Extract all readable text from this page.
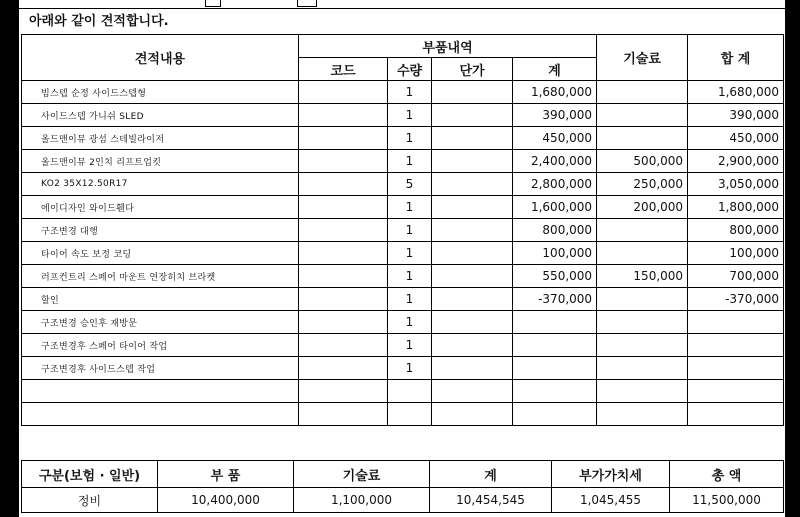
아래와 같이 견적합니다.
견적내용	부품내역				기술료	합 계
	코드	수량	단가	계		
빔스텝 순정 사이드스텝형		1		1,680,000		1,680,000
사이드스텝 가니쉬 SLED		1		390,000		390,000
올드맨이뮤 광섬 스테빌라이저		1		450,000		450,000
올드맨이뮤 2인치 리프트업킷		1		2,400,000	500,000	2,900,000
KO2 35X12.50R17		5		2,800,000	250,000	3,050,000
에이디자인 와이드휀다		1		1,600,000	200,000	1,800,000
구조변경 대행		1		800,000		800,000
타이어 속도 보정 코딩		1		100,000		100,000
러프컨트리 스페어 마운트 연장히치 브라켓		1		550,000	150,000	700,000
할인		1		-370,000		-370,000
구조변경 승인후 재방문		1				
구조변경후 스페어 타이어 작업		1				
구조변경후 사이드스텝 작업		1				

구분(보험 · 일반)	부 품	기술료	계	부가가치세	총 액
정비	10,400,000	1,100,000	10,454,545	1,045,455	11,500,000
